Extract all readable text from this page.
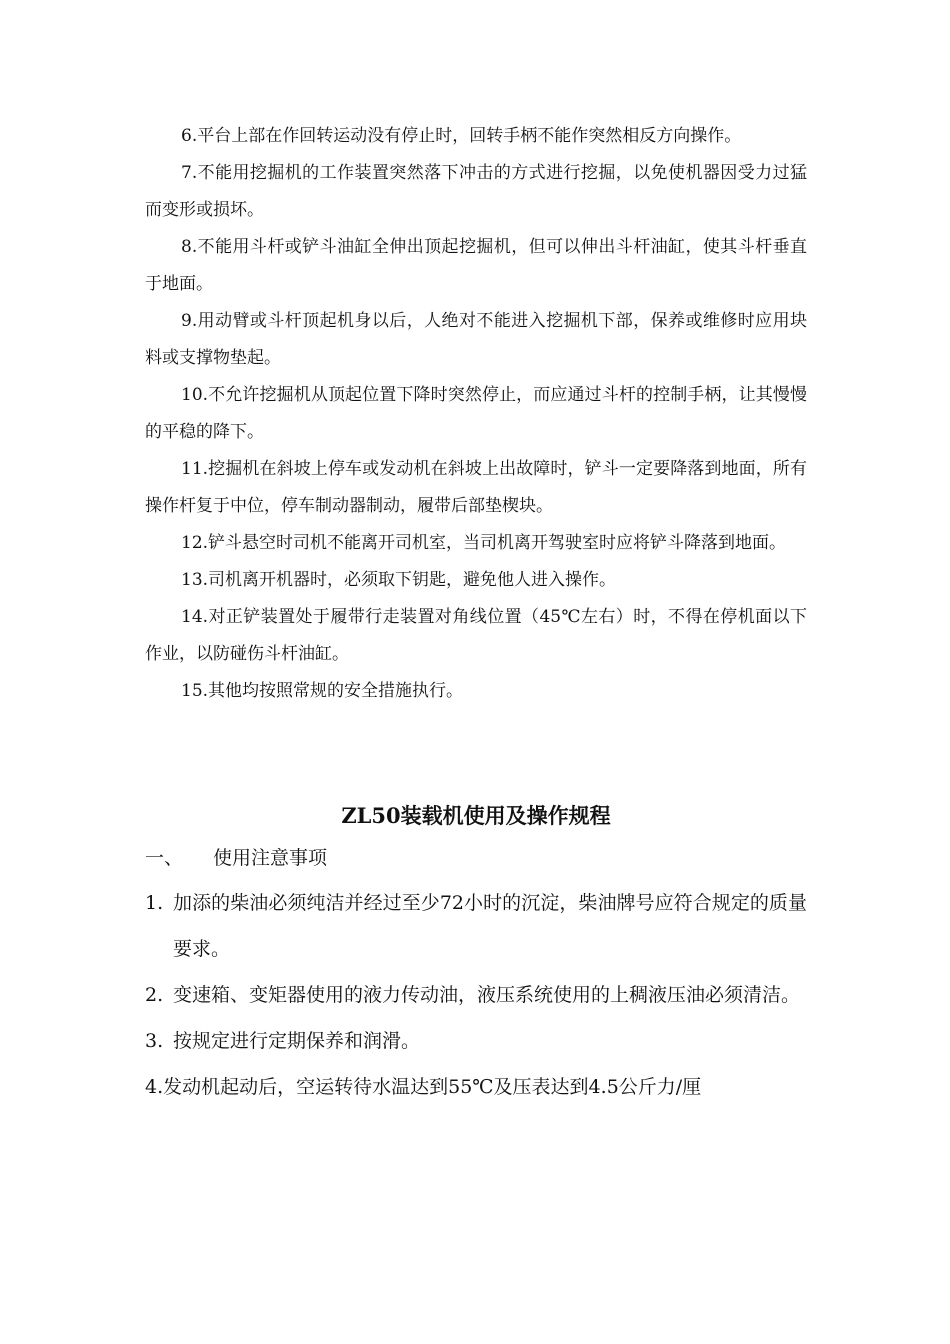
6.平台上部在作回转运动没有停止时，回转手柄不能作突然相反方向操作。

7.不能用挖掘机的工作装置突然落下冲击的方式进行挖掘，以免使机器因受力过猛而变形或损坏。

8.不能用斗杆或铲斗油缸全伸出顶起挖掘机，但可以伸出斗杆油缸，使其斗杆垂直于地面。

9.用动臂或斗杆顶起机身以后，人绝对不能进入挖掘机下部，保养或维修时应用块料或支撑物垫起。

10.不允许挖掘机从顶起位置下降时突然停止，而应通过斗杆的控制手柄，让其慢慢的平稳的降下。

11.挖掘机在斜坡上停车或发动机在斜坡上出故障时，铲斗一定要降落到地面，所有操作杆复于中位，停车制动器制动，履带后部垫楔块。

12.铲斗悬空时司机不能离开司机室，当司机离开驾驶室时应将铲斗降落到地面。

13.司机离开机器时，必须取下钥匙，避免他人进入操作。

14.对正铲装置处于履带行走装置对角线位置（45℃左右）时，不得在停机面以下作业，以防碰伤斗杆油缸。

15.其他均按照常规的安全措施执行。

ZL50装载机使用及操作规程

一、 使用注意事项

1. 加添的柴油必须纯洁并经过至少72小时的沉淀，柴油牌号应符合规定的质量要求。

2. 变速箱、变矩器使用的液力传动油，液压系统使用的上稠液压油必须清洁。

3. 按规定进行定期保养和润滑。

4.发动机起动后，空运转待水温达到55℃及压表达到4.5公斤力/厘
